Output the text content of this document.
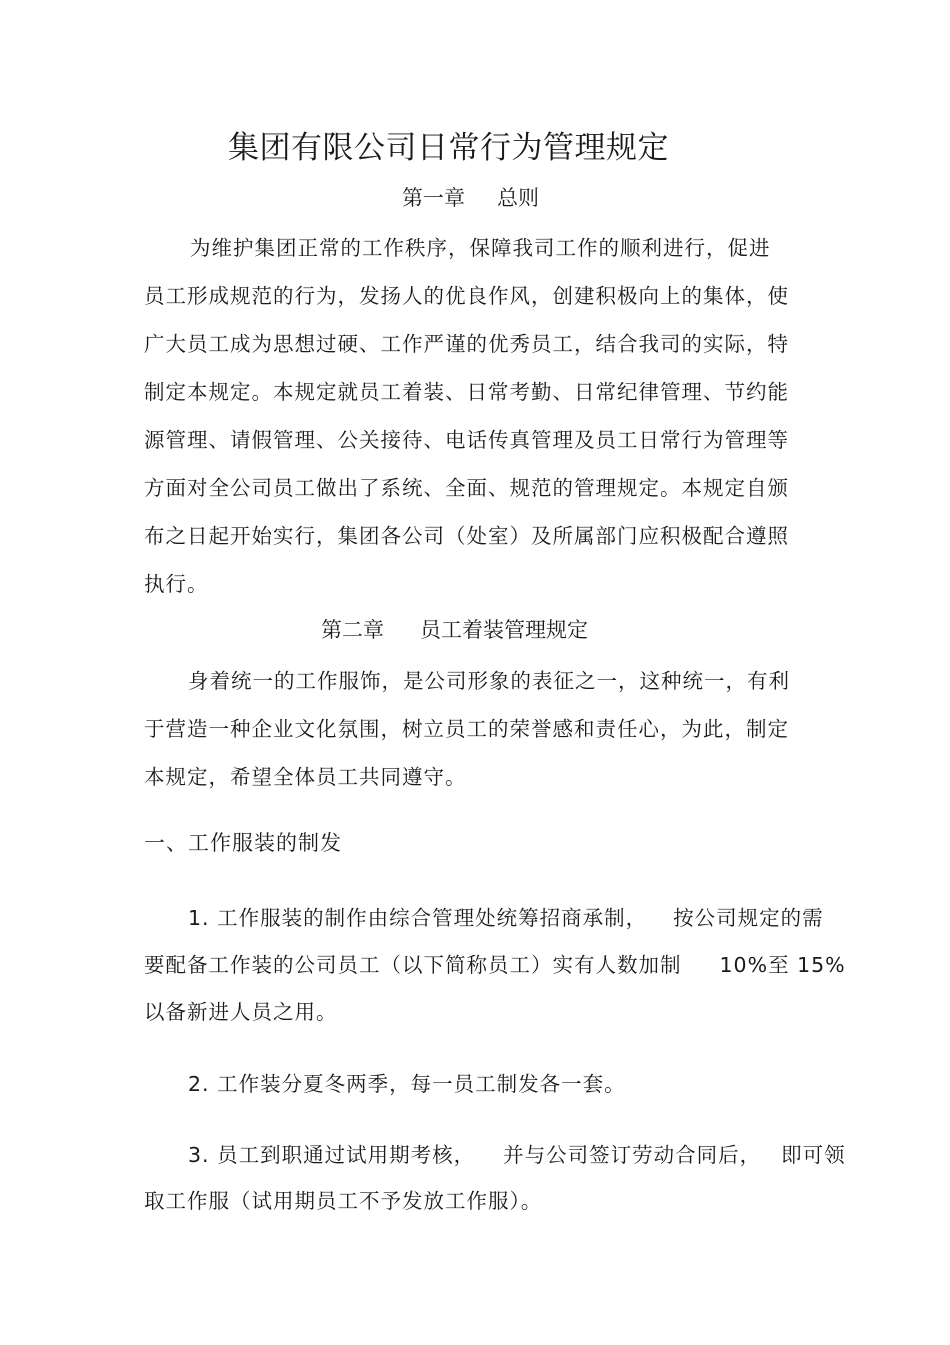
集团有限公司日常行为管理规定
第一章 总则

为维护集团正常的工作秩序，保障我司工作的顺利进行，促进

员工形成规范的行为，发扬人的优良作风，创建积极向上的集体，使

广大员工成为思想过硬、工作严谨的优秀员工，结合我司的实际，特

制定本规定。本规定就员工着装、日常考勤、日常纪律管理、节约能

源管理、请假管理、公关接待、电话传真管理及员工日常行为管理等

方面对全公司员工做出了系统、全面、规范的管理规定。本规定自颁

布之日起开始实行，集团各公司（处室）及所属部门应积极配合遵照

执行。

第二章 员工着装管理规定

身着统一的工作服饰，是公司形象的表征之一，这种统一，有利

于营造一种企业文化氛围，树立员工的荣誉感和责任心，为此，制定

本规定，希望全体员工共同遵守。

一、工作服装的制发

1. 工作服装的制作由综合管理处统筹招商承制， 按公司规定的需

要配备工作装的公司员工（以下简称员工）实有人数加制 10%至 15%

以备新进人员之用。

2. 工作装分夏冬两季，每一员工制发各一套。

3. 员工到职通过试用期考核， 并与公司签订劳动合同后， 即可领

取工作服（试用期员工不予发放工作服）。
